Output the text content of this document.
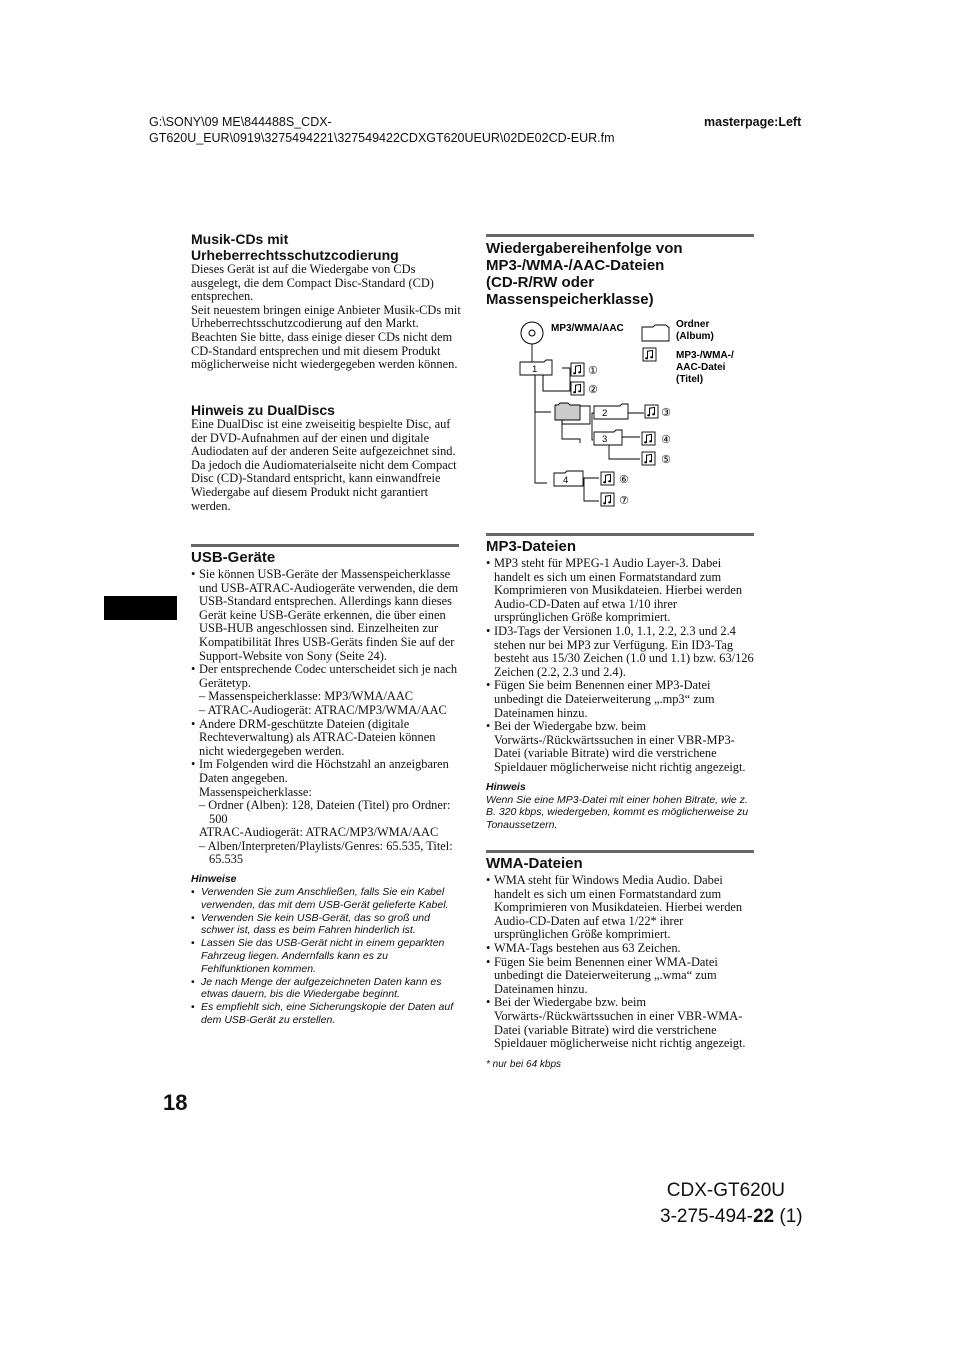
G:\SONY\09 ME\844488S_CDX-
GT620U_EUR\0919\3275494221\327549422CDXGT620UEUR\02DE02CD-EUR.fm
masterpage:Left
Musik-CDs mit
Urheberrechtsschutzcodierung

Dieses Gerät ist auf die Wiedergabe von CDs ausgelegt, die dem Compact Disc-Standard (CD) entsprechen.

Seit neuestem bringen einige Anbieter Musik-CDs mit Urheberrechtsschutzcodierung auf den Markt. Beachten Sie bitte, dass einige dieser CDs nicht dem CD-Standard entsprechen und mit diesem Produkt möglicherweise nicht wiedergegeben werden können.

Hinweis zu DualDiscs

Eine DualDisc ist eine zweiseitig bespielte Disc, auf der DVD-Aufnahmen auf der einen und digitale Audiodaten auf der anderen Seite aufgezeichnet sind. Da jedoch die Audiomaterialseite nicht dem Compact Disc (CD)-Standard entspricht, kann einwandfreie Wiedergabe auf diesem Produkt nicht garantiert werden.

USB-Geräte
• Sie können USB-Geräte der Massenspeicherklasse und USB-ATRAC-Audiogeräte verwenden, die dem USB-Standard entsprechen. Allerdings kann dieses Gerät keine USB-Geräte erkennen, die über einen USB-HUB angeschlossen sind. Einzelheiten zur Kompatibilität Ihres USB-Geräts finden Sie auf der Support-Website von Sony (Seite 24).
• Der entsprechende Codec unterscheidet sich je nach Gerätetyp.
– Massenspeicherklasse: MP3/WMA/AAC
– ATRAC-Audiogerät: ATRAC/MP3/WMA/AAC
• Andere DRM-geschützte Dateien (digitale Rechteverwaltung) als ATRAC-Dateien können nicht wiedergegeben werden.
• Im Folgenden wird die Höchstzahl an anzeigbaren Daten angegeben.
Massenspeicherklasse:
– Ordner (Alben): 128, Dateien (Titel) pro Ordner: 500
ATRAC-Audiogerät: ATRAC/MP3/WMA/AAC
– Alben/Interpreten/Playlists/Genres: 65.535, Titel: 65.535
Hinweise
• Verwenden Sie zum Anschließen, falls Sie ein Kabel verwenden, das mit dem USB-Gerät gelieferte Kabel.
• Verwenden Sie kein USB-Gerät, das so groß und schwer ist, dass es beim Fahren hinderlich ist.
• Lassen Sie das USB-Gerät nicht in einem geparkten Fahrzeug liegen. Andernfalls kann es zu Fehlfunktionen kommen.
• Je nach Menge der aufgezeichneten Daten kann es etwas dauern, bis die Wiedergabe beginnt.
• Es empfiehlt sich, eine Sicherungskopie der Daten auf dem USB-Gerät zu erstellen.
18
Wiedergabereihenfolge von
MP3-/WMA-/AAC-Dateien
(CD-R/RW oder
Massenspeicherklasse)
MP3/WMA/AAC	Ordner
(Album)
MP3-/WMA-/
AAC-Datei
(Titel)
1
2
3
4
①
②
③
④
⑤
⑥
⑦
MP3-Dateien
• MP3 steht für MPEG-1 Audio Layer-3. Dabei handelt es sich um einen Formatstandard zum Komprimieren von Musikdateien. Hierbei werden Audio-CD-Daten auf etwa 1/10 ihrer ursprünglichen Größe komprimiert.
• ID3-Tags der Versionen 1.0, 1.1, 2.2, 2.3 und 2.4 stehen nur bei MP3 zur Verfügung. Ein ID3-Tag besteht aus 15/30 Zeichen (1.0 und 1.1) bzw. 63/126 Zeichen (2.2, 2.3 und 2.4).
• Fügen Sie beim Benennen einer MP3-Datei unbedingt die Dateierweiterung „.mp3“ zum Dateinamen hinzu.
• Bei der Wiedergabe bzw. beim Vorwärts-/Rückwärtssuchen in einer VBR-MP3-Datei (variable Bitrate) wird die verstrichene Spieldauer möglicherweise nicht richtig angezeigt.
Hinweis
Wenn Sie eine MP3-Datei mit einer hohen Bitrate, wie z. B. 320 kbps, wiedergeben, kommt es möglicherweise zu Tonaussetzern.
WMA-Dateien
• WMA steht für Windows Media Audio. Dabei handelt es sich um einen Formatstandard zum Komprimieren von Musikdateien. Hierbei werden Audio-CD-Daten auf etwa 1/22* ihrer ursprünglichen Größe komprimiert.
• WMA-Tags bestehen aus 63 Zeichen.
• Fügen Sie beim Benennen einer WMA-Datei unbedingt die Dateierweiterung „.wma“ zum Dateinamen hinzu.
• Bei der Wiedergabe bzw. beim Vorwärts-/Rückwärtssuchen in einer VBR-WMA-Datei (variable Bitrate) wird die verstrichene Spieldauer möglicherweise nicht richtig angezeigt.
* nur bei 64 kbps
CDX-GT620U
3-275-494-22 (1)
